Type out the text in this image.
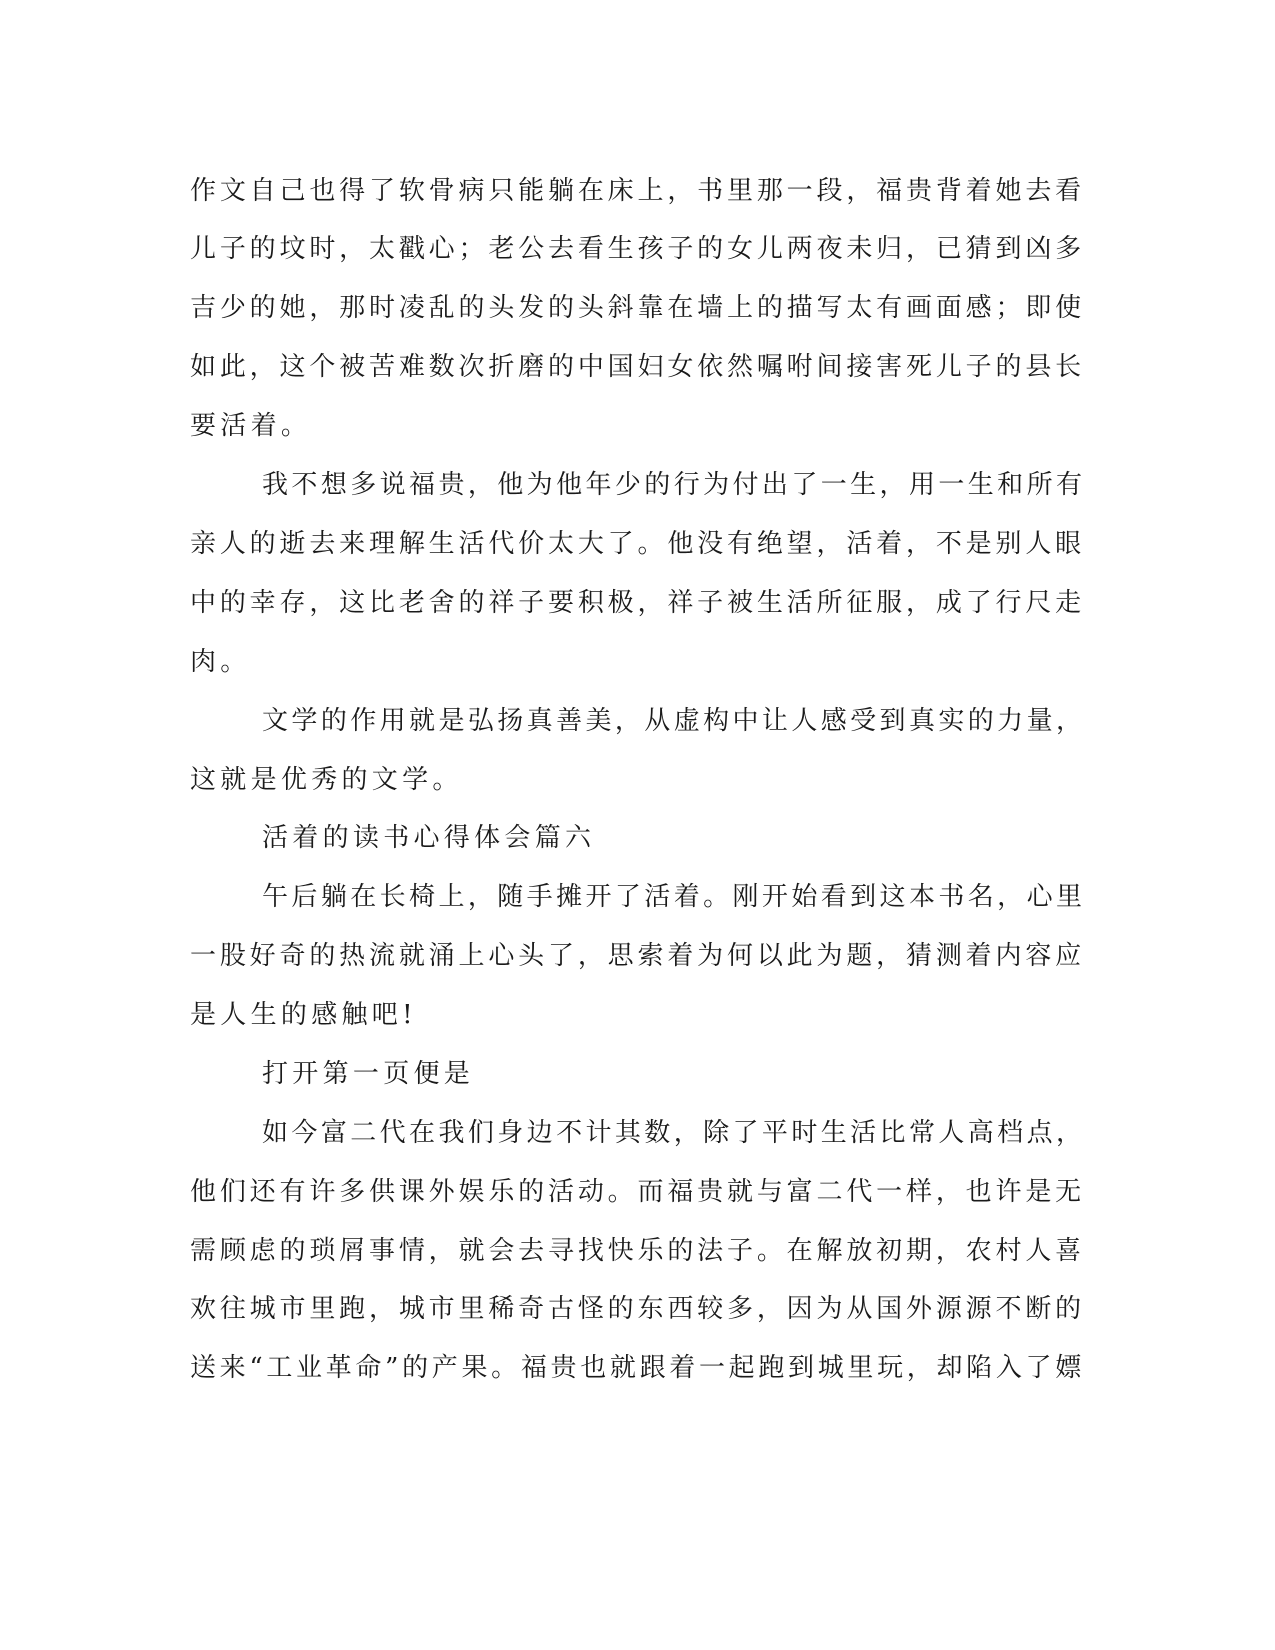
作文自己也得了软骨病只能躺在床上，书里那一段，福贵背着她去看
儿子的坟时，太戳心；老公去看生孩子的女儿两夜未归，已猜到凶多
吉少的她，那时凌乱的头发的头斜靠在墙上的描写太有画面感；即使
如此，这个被苦难数次折磨的中国妇女依然嘱咐间接害死儿子的县长
要活着。
我不想多说福贵，他为他年少的行为付出了一生，用一生和所有
亲人的逝去来理解生活代价太大了。他没有绝望，活着，不是别人眼
中的幸存，这比老舍的祥子要积极，祥子被生活所征服，成了行尺走
肉。
文学的作用就是弘扬真善美，从虚构中让人感受到真实的力量，
这就是优秀的文学。
活着的读书心得体会篇六
午后躺在长椅上，随手摊开了活着。刚开始看到这本书名，心里
一股好奇的热流就涌上心头了，思索着为何以此为题，猜测着内容应
是人生的感触吧!
打开第一页便是
如今富二代在我们身边不计其数，除了平时生活比常人高档点，
他们还有许多供课外娱乐的活动。而福贵就与富二代一样，也许是无
需顾虑的琐屑事情，就会去寻找快乐的法子。在解放初期，农村人喜
欢往城市里跑，城市里稀奇古怪的东西较多，因为从国外源源不断的
送来“工业革命”的产果。福贵也就跟着一起跑到城里玩，却陷入了嫖
